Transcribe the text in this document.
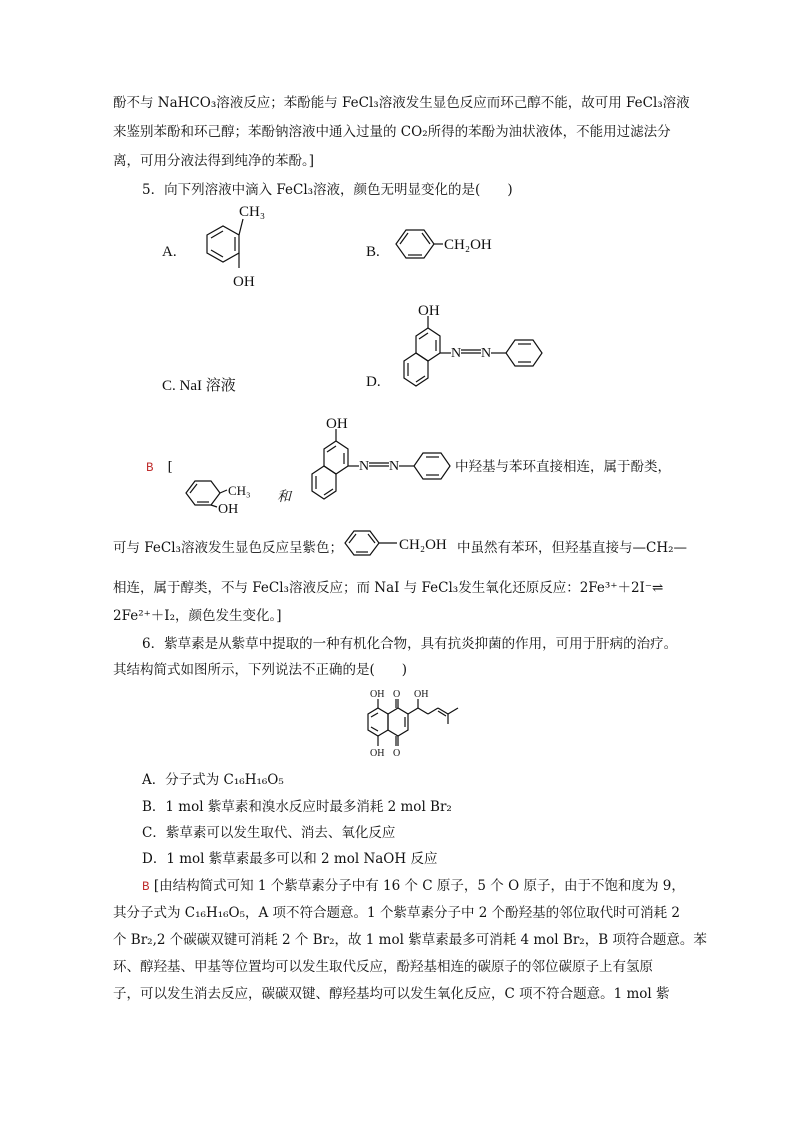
酚不与 NaHCO₃溶液反应；苯酚能与 FeCl₃溶液发生显色反应而环己醇不能，故可用 FeCl₃溶液
来鉴别苯酚和环己醇；苯酚钠溶液中通入过量的 CO₂所得的苯酚为油状液体，不能用过滤法分
离，可用分液法得到纯净的苯酚。]
5．向下列溶液中滴入 FeCl₃溶液，颜色无明显变化的是(　　)
A.
CH₃
OH
B.	CH₂OH
C. NaI 溶液	D.
OH
N N
B [
CH₃
OH
和
OH
N N	中羟基与苯环直接相连，属于酚类，
可与 FeCl₃溶液发生显色反应呈紫色；	CH₂OH 中虽然有苯环，但羟基直接与—CH₂—
相连，属于醇类，不与 FeCl₃溶液反应；而 NaI 与 FeCl₃发生氧化还原反应：2Fe³⁺＋2I⁻⇌
2Fe²⁺＋I₂，颜色发生变化。]
6．紫草素是从紫草中提取的一种有机化合物，具有抗炎抑菌的作用，可用于肝病的治疗。
其结构简式如图所示，下列说法不正确的是(　　)
OH O OH
OH O
A．分子式为 C₁₆H₁₆O₅
B．1 mol 紫草素和溴水反应时最多消耗 2 mol Br₂
C．紫草素可以发生取代、消去、氧化反应
D．1 mol 紫草素最多可以和 2 mol NaOH 反应
B [由结构简式可知 1 个紫草素分子中有 16 个 C 原子，5 个 O 原子，由于不饱和度为 9，
其分子式为 C₁₆H₁₆O₅，A 项不符合题意。1 个紫草素分子中 2 个酚羟基的邻位取代时可消耗 2
个 Br₂,2 个碳碳双键可消耗 2 个 Br₂，故 1 mol 紫草素最多可消耗 4 mol Br₂，B 项符合题意。苯
环、醇羟基、甲基等位置均可以发生取代反应，酚羟基相连的碳原子的邻位碳原子上有氢原
子，可以发生消去反应，碳碳双键、醇羟基均可以发生氧化反应，C 项不符合题意。1 mol 紫
